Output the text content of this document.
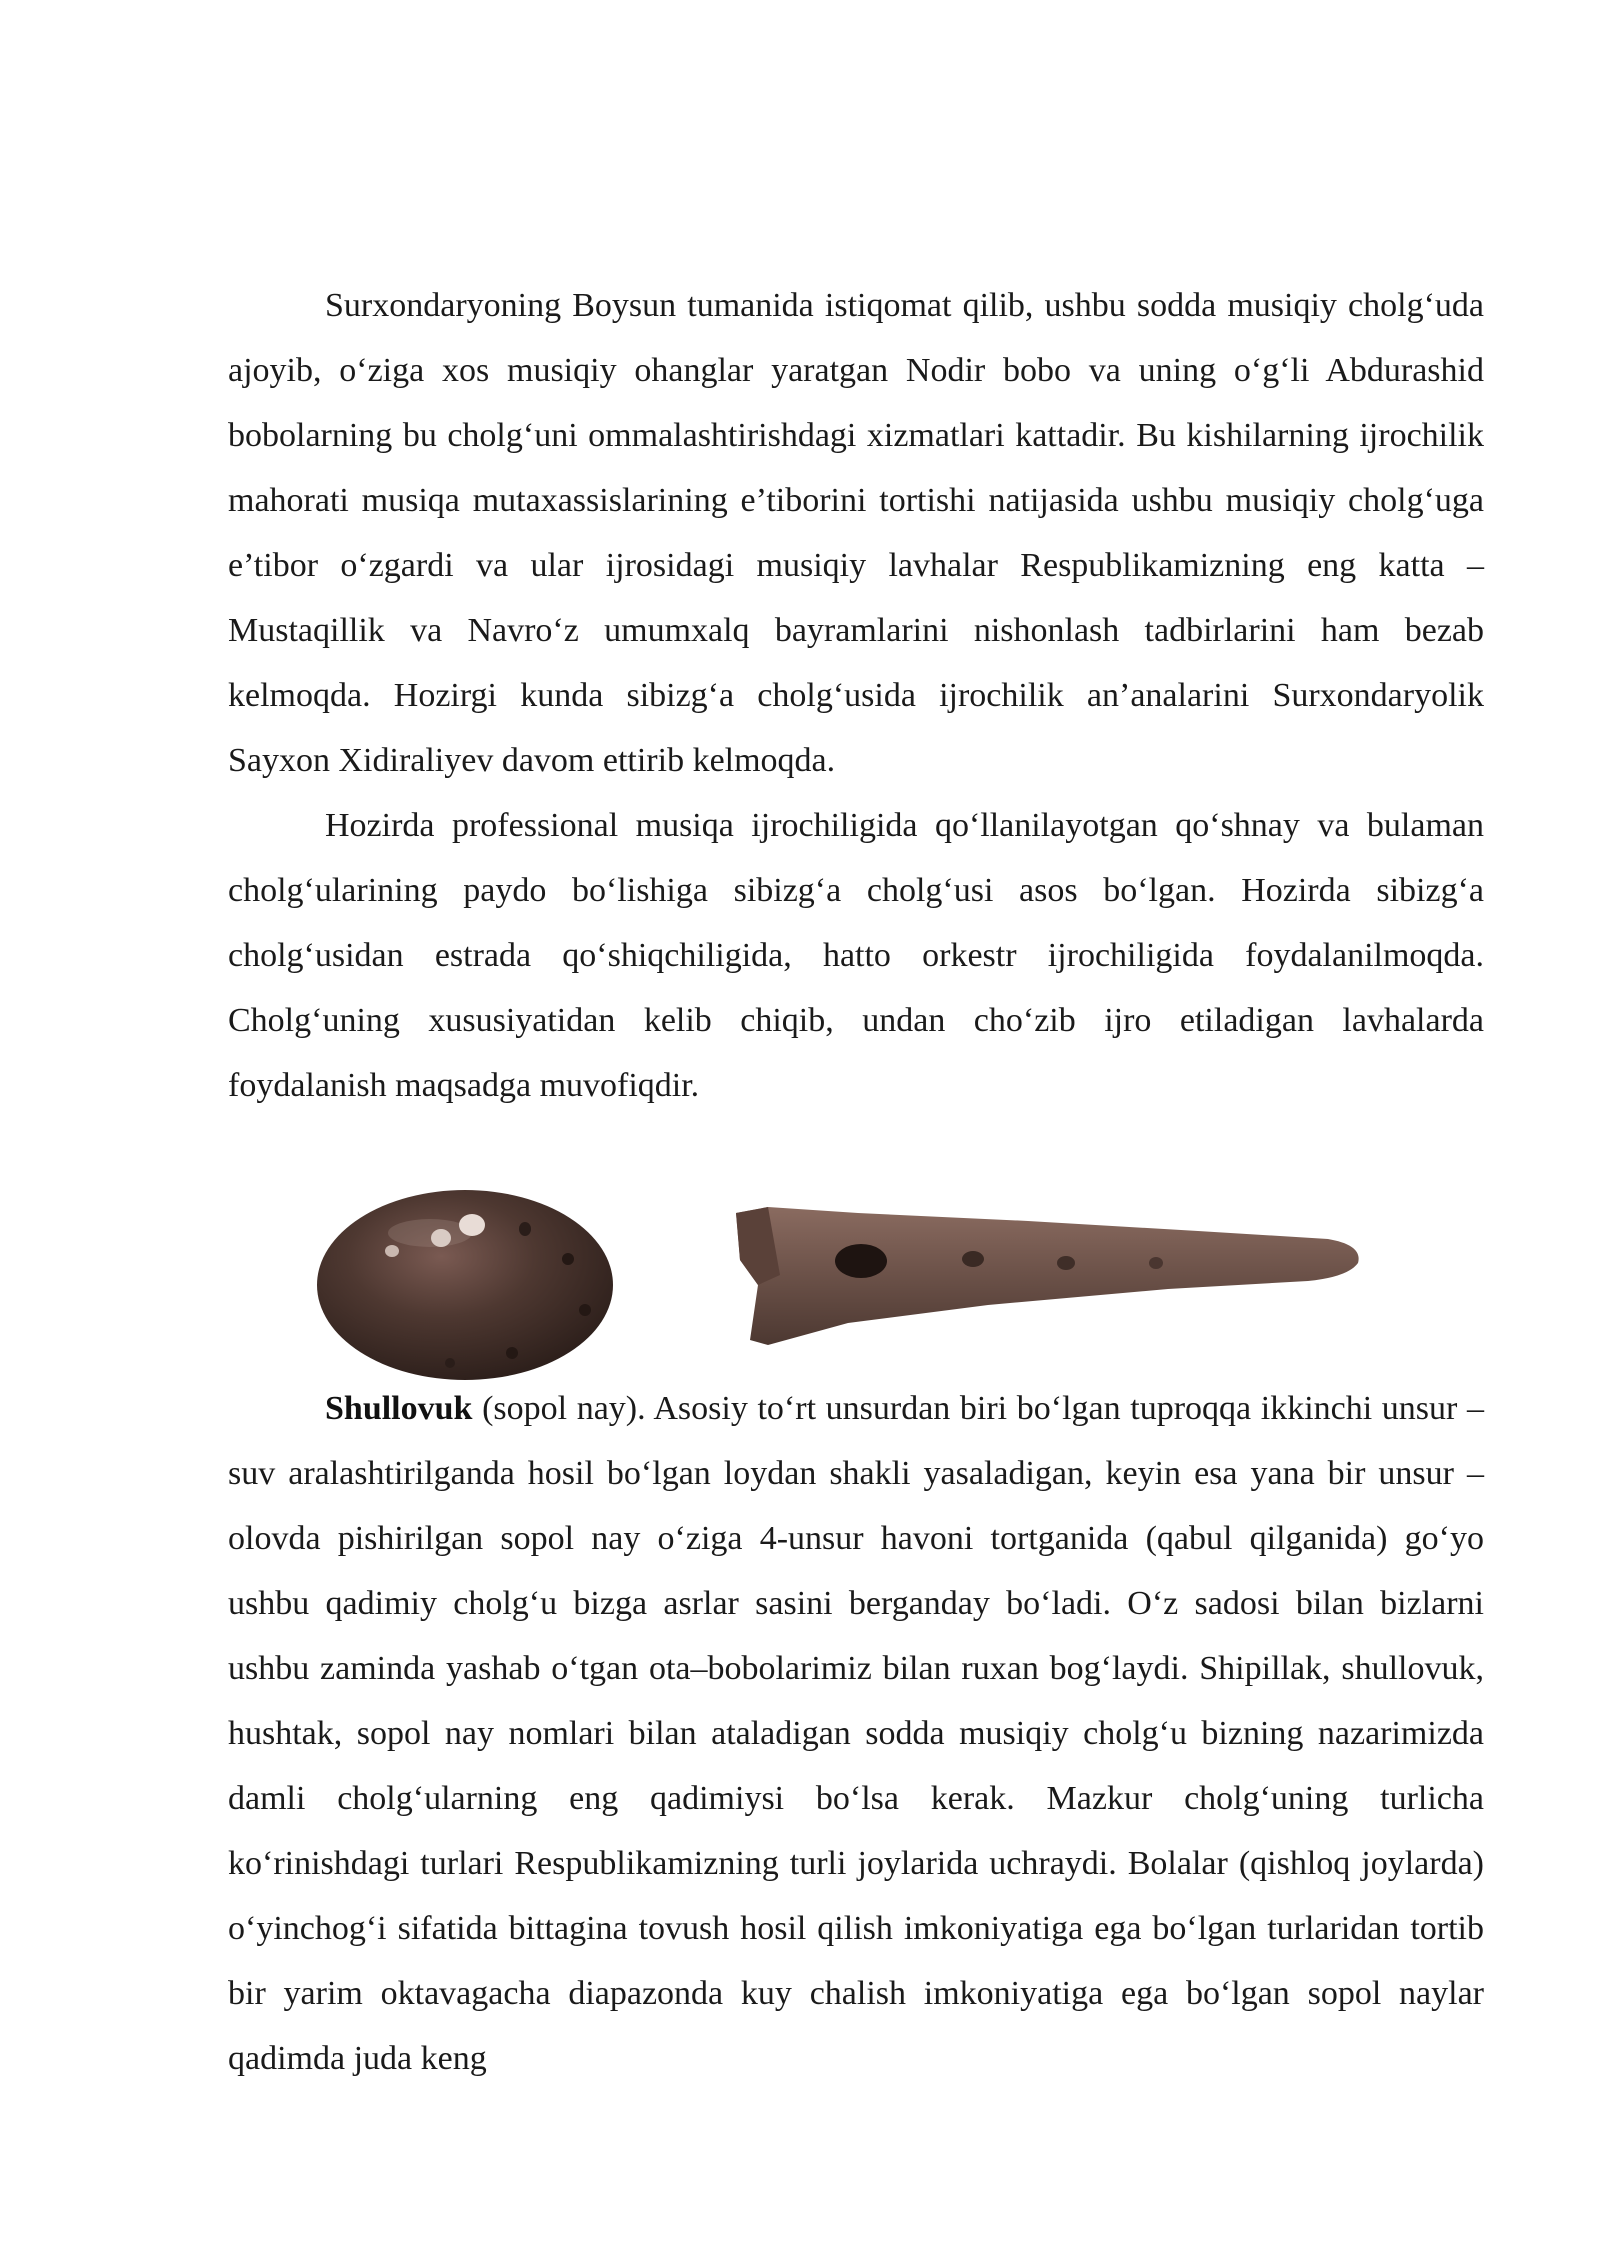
Surxondaryoning Boysun tumanida istiqomat qilib, ushbu sodda musiqiy cholg‘uda ajoyib, o‘ziga xos musiqiy ohanglar yaratgan Nodir bobo va uning o‘g‘li Abdurashid bobolarning bu cholg‘uni ommalashtirishdagi xizmatlari kattadir. Bu kishilarning ijrochilik mahorati musiqa mutaxassislarining e’tiborini tortishi natijasida ushbu musiqiy cholg‘uga e’tibor o‘zgardi va ular ijrosidagi musiqiy lavhalar Respublikamizning eng katta –Mustaqillik va Navro‘z umumxalq bayramlarini nishonlash tadbirlarini ham bezab kelmoqda. Hozirgi kunda sibizg‘a cholg‘usida ijrochilik an’analarini Surxondaryolik Sayxon Xidiraliyev davom ettirib kelmoqda.

Hozirda professional musiqa ijrochiligida qo‘llanilayotgan qo‘shnay va bulaman cholg‘ularining paydo bo‘lishiga sibizg‘a cholg‘usi asos bo‘lgan. Hozirda sibizg‘a cholg‘usidan estrada qo‘shiqchiligida, hatto orkestr ijrochiligida foydalanilmoqda. Cholg‘uning xususiyatidan kelib chiqib, undan cho‘zib ijro etiladigan lavhalarda foydalanish maqsadga muvofiqdir.

Shullovuk (sopol nay). Asosiy to‘rt unsurdan biri bo‘lgan tuproqqa ikkinchi unsur – suv aralashtirilganda hosil bo‘lgan loydan shakli yasaladigan, keyin esa yana bir unsur – olovda pishirilgan sopol nay o‘ziga 4-unsur havoni tortganida (qabul qilganida) go‘yo ushbu qadimiy cholg‘u bizga asrlar sasini berganday bo‘ladi. O‘z sadosi bilan bizlarni ushbu zaminda yashab o‘tgan ota–bobolarimiz bilan ruxan bog‘laydi. Shipillak, shullovuk, hushtak, sopol nay nomlari bilan ataladigan sodda musiqiy cholg‘u bizning nazarimizda damli cholg‘ularning eng qadimiysi bo‘lsa kerak. Mazkur cholg‘uning turlicha ko‘rinishdagi turlari Respublikamizning turli joylarida uchraydi. Bolalar (qishloq joylarda) o‘yinchog‘i sifatida bittagina tovush hosil qilish imkoniyatiga ega bo‘lgan turlaridan tortib bir yarim oktavagacha diapazonda kuy chalish imkoniyatiga ega bo‘lgan sopol naylar qadimda juda keng
